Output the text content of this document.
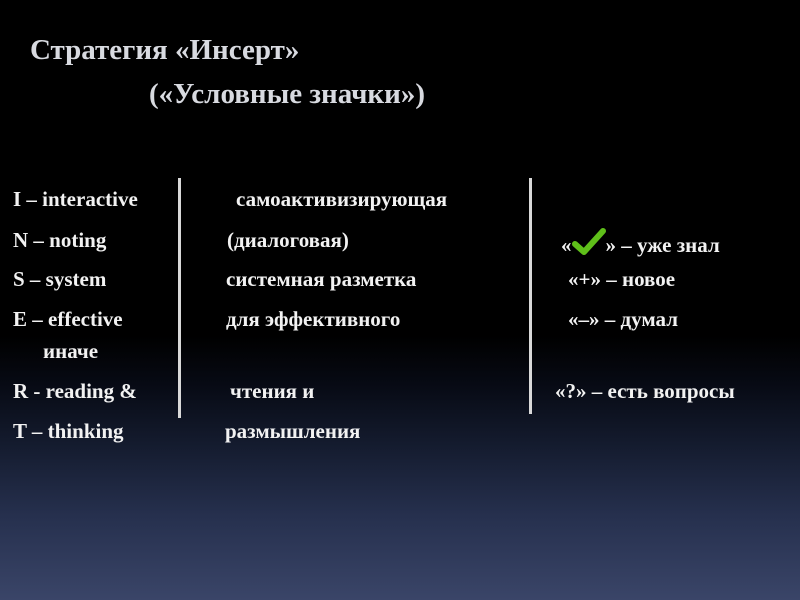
Стратегия «Инсерт»
(«Условные значки»)
I – interactive
N – noting
S – system
E – effective
иначе
R - reading &
T – thinking
самоактивизирующая
(диалоговая)
системная разметка
для эффективного
чтения и
размышления
« » – уже знал
«+» – новое
«–» – думал
«?» – есть вопросы
